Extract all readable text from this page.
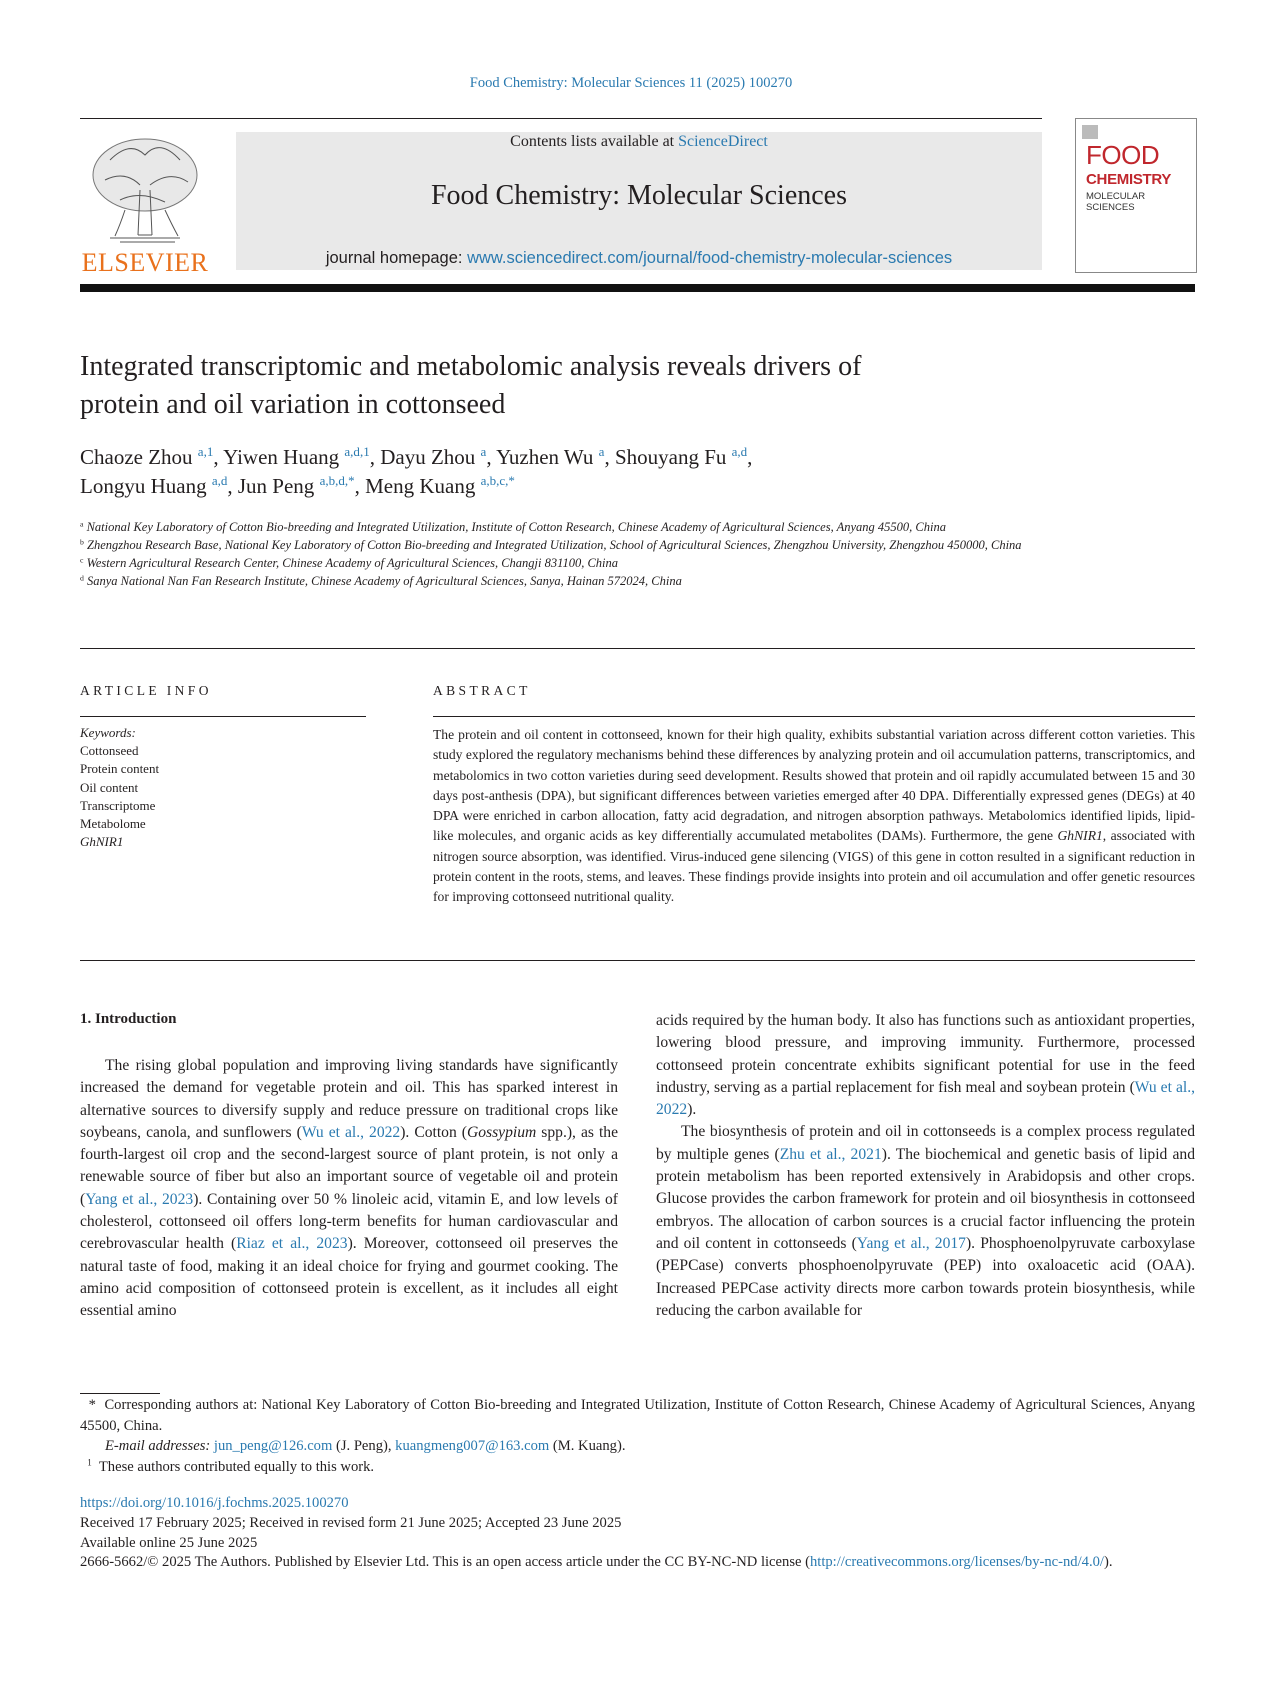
Food Chemistry: Molecular Sciences 11 (2025) 100270
ELSEVIER
Contents lists available at ScienceDirect
Food Chemistry: Molecular Sciences
journal homepage: www.sciencedirect.com/journal/food-chemistry-molecular-sciences
FOOD
CHEMISTRY
MOLECULAR SCIENCES
Integrated transcriptomic and metabolomic analysis reveals drivers of
protein and oil variation in cottonseed
Chaoze Zhou $^{a,1}$, Yiwen Huang $^{a,d,1}$, Dayu Zhou $^a$, Yuzhen Wu $^a$, Shouyang Fu $^{a,d}$,
Longyu Huang $^{a,d}$, Jun Peng $^{a,b,d,*}$, Meng Kuang $^{a,b,c,*}$
$^a$ National Key Laboratory of Cotton Bio-breeding and Integrated Utilization, Institute of Cotton Research, Chinese Academy of Agricultural Sciences, Anyang 45500, China
$^b$ Zhengzhou Research Base, National Key Laboratory of Cotton Bio-breeding and Integrated Utilization, School of Agricultural Sciences, Zhengzhou University, Zhengzhou 450000, China
$^c$ Western Agricultural Research Center, Chinese Academy of Agricultural Sciences, Changji 831100, China
$^d$ Sanya National Nan Fan Research Institute, Chinese Academy of Agricultural Sciences, Sanya, Hainan 572024, China
ARTICLE INFO	ABSTRACT
Keywords:
Cottonseed
Protein content
Oil content
Transcriptome
Metabolome
GhNIR1
The protein and oil content in cottonseed, known for their high quality, exhibits substantial variation across different cotton varieties. This study explored the regulatory mechanisms behind these differences by analyzing protein and oil accumulation patterns, transcriptomics, and metabolomics in two cotton varieties during seed development. Results showed that protein and oil rapidly accumulated between 15 and 30 days post-anthesis (DPA), but significant differences between varieties emerged after 40 DPA. Differentially expressed genes (DEGs) at 40 DPA were enriched in carbon allocation, fatty acid degradation, and nitrogen absorption pathways. Metabolomics identified lipids, lipid-like molecules, and organic acids as key differentially accumulated metabolites (DAMs). Furthermore, the gene GhNIR1, associated with nitrogen source absorption, was identified. Virus-induced gene silencing (VIGS) of this gene in cotton resulted in a significant reduction in protein content in the roots, stems, and leaves. These findings provide insights into protein and oil accumulation and offer genetic resources for improving cottonseed nutritional quality.
1. Introduction

The rising global population and improving living standards have significantly increased the demand for vegetable protein and oil. This has sparked interest in alternative sources to diversify supply and reduce pressure on traditional crops like soybeans, canola, and sunflowers (Wu et al., 2022). Cotton (Gossypium spp.), as the fourth-largest oil crop and the second-largest source of plant protein, is not only a renewable source of fiber but also an important source of vegetable oil and protein (Yang et al., 2023). Containing over 50 % linoleic acid, vitamin E, and low levels of cholesterol, cottonseed oil offers long-term benefits for human cardiovascular and cerebrovascular health (Riaz et al., 2023). Moreover, cottonseed oil preserves the natural taste of food, making it an ideal choice for frying and gourmet cooking. The amino acid composition of cottonseed protein is excellent, as it includes all eight essential amino

acids required by the human body. It also has functions such as antioxidant properties, lowering blood pressure, and improving immunity. Furthermore, processed cottonseed protein concentrate exhibits significant potential for use in the feed industry, serving as a partial replacement for fish meal and soybean protein (Wu et al., 2022).

The biosynthesis of protein and oil in cottonseeds is a complex process regulated by multiple genes (Zhu et al., 2021). The biochemical and genetic basis of lipid and protein metabolism has been reported extensively in Arabidopsis and other crops. Glucose provides the carbon framework for protein and oil biosynthesis in cottonseed embryos. The allocation of carbon sources is a crucial factor influencing the protein and oil content in cottonseeds (Yang et al., 2017). Phosphoenolpyruvate carboxylase (PEPCase) converts phosphoenolpyruvate (PEP) into oxaloacetic acid (OAA). Increased PEPCase activity directs more carbon towards protein biosynthesis, while reducing the carbon available for

* Corresponding authors at: National Key Laboratory of Cotton Bio-breeding and Integrated Utilization, Institute of Cotton Research, Chinese Academy of Agricultural Sciences, Anyang 45500, China.

E-mail addresses: jun_peng@126.com (J. Peng), kuangmeng007@163.com (M. Kuang).

$^1$ These authors contributed equally to this work.

https://doi.org/10.1016/j.fochms.2025.100270

Received 17 February 2025; Received in revised form 21 June 2025; Accepted 23 June 2025

Available online 25 June 2025

2666-5662/© 2025 The Authors. Published by Elsevier Ltd. This is an open access article under the CC BY-NC-ND license (http://creativecommons.org/licenses/by-nc-nd/4.0/).
